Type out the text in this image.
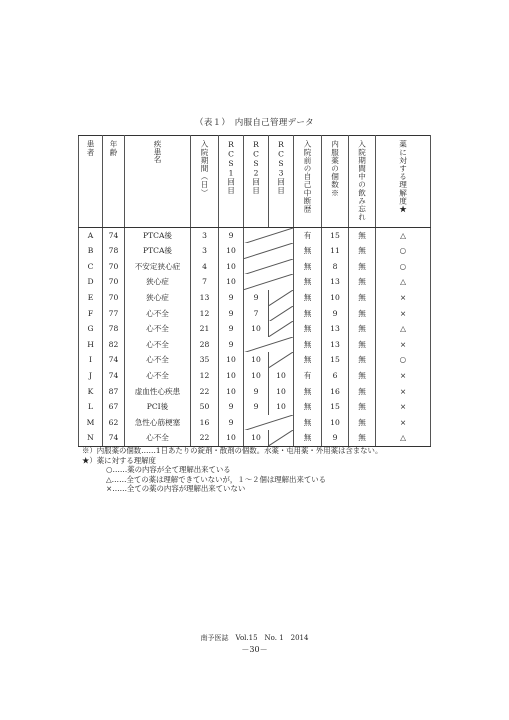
（表１）　内服自己管理データ
患者	年齢	疾患名	入院期間（日）	RCS1回目	RCS2回目	RCS3回目	入院前の自己中断歴	内服薬の個数※	入院期間中の飲み忘れ	薬に対する理解度★
A	74	PTCA後	3	9			有	15	無	△
B	78	PTCA後	3	10			無	11	無	○
C	70	不安定狭心症	4	10			無	8	無	○
D	70	狭心症	7	10			無	13	無	△
E	70	狭心症	13	9	9		無	10	無	×
F	77	心不全	12	9	7		無	9	無	×
G	78	心不全	21	9	10		無	13	無	△
H	82	心不全	28	9			無	13	無	×
I	74	心不全	35	10	10		無	15	無	○
J	74	心不全	12	10	10	10	有	6	無	×
K	87	虚血性心疾患	22	10	9	10	無	16	無	×
L	67	PCI後	50	9	9	10	無	15	無	×
M	62	急性心筋梗塞	16	9			無	10	無	×
N	74	心不全	22	10	10		無	9	無	△
※）内服薬の個数……1日あたりの錠剤・散剤の個数。水薬・屯用薬・外用薬は含まない。
★）薬に対する理解度
○……薬の内容が全て理解出来ている
△……全ての薬は理解できていないが，１～２個は理解出来ている
×……全ての薬の内容が理解出来ていない
南予医誌　Vol.15　No. 1　2014
－30－
